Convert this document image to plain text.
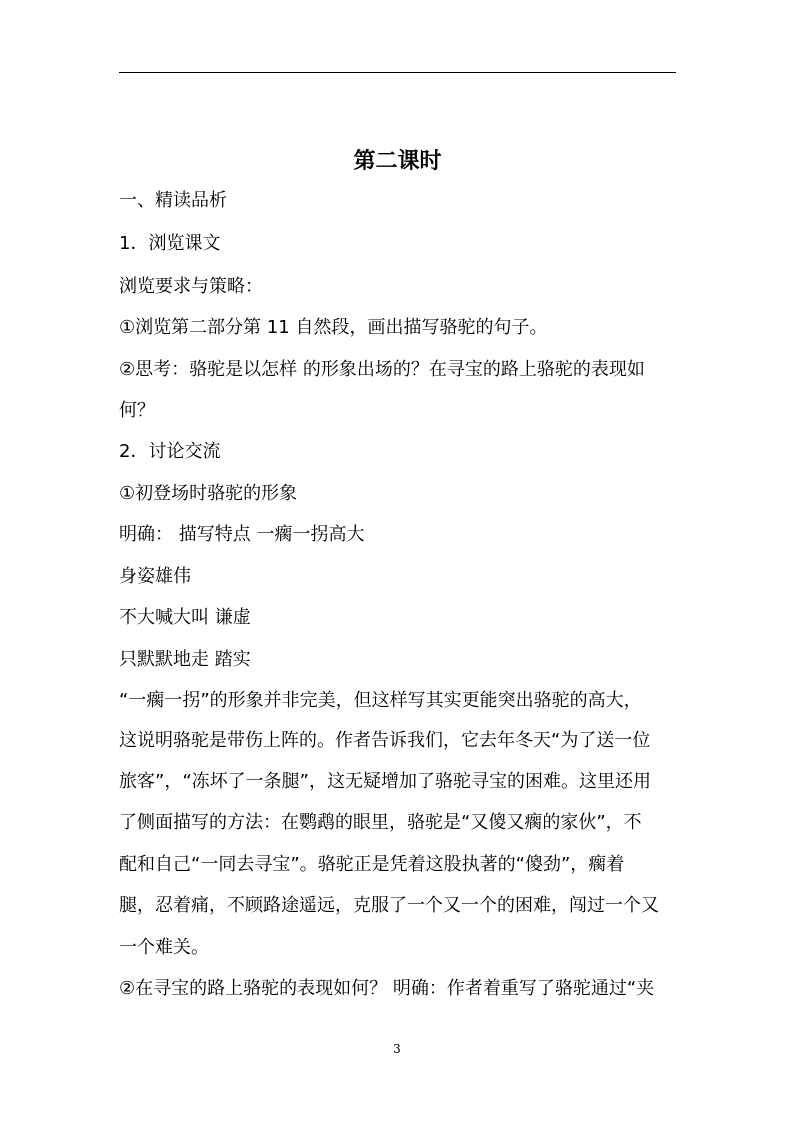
第二课时
一、精读品析
1．浏览课文
浏览要求与策略：
①浏览第二部分第 11 自然段，画出描写骆驼的句子。
②思考：骆驼是以怎样 的形象出场的？在寻宝的路上骆驼的表现如
何？
2．讨论交流
①初登场时骆驼的形象
明确： 描写特点 一瘸一拐高大
身姿雄伟
不大喊大叫 谦虚
只默默地走 踏实
“一瘸一拐”的形象并非完美，但这样写其实更能突出骆驼的高大，
这说明骆驼是带伤上阵的。作者告诉我们，它去年冬天“为了送一位
旅客”，“冻坏了一条腿”，这无疑增加了骆驼寻宝的困难。这里还用
了侧面描写的方法：在鹦鹉的眼里，骆驼是“又傻又瘸的家伙”，不
配和自己“一同去寻宝”。骆驼正是凭着这股执著的“傻劲”，瘸着
腿，忍着痛，不顾路途遥远，克服了一个又一个的困难，闯过一个又
一个难关。
②在寻宝的路上骆驼的表现如何？ 明确：作者着重写了骆驼通过“夹
3
